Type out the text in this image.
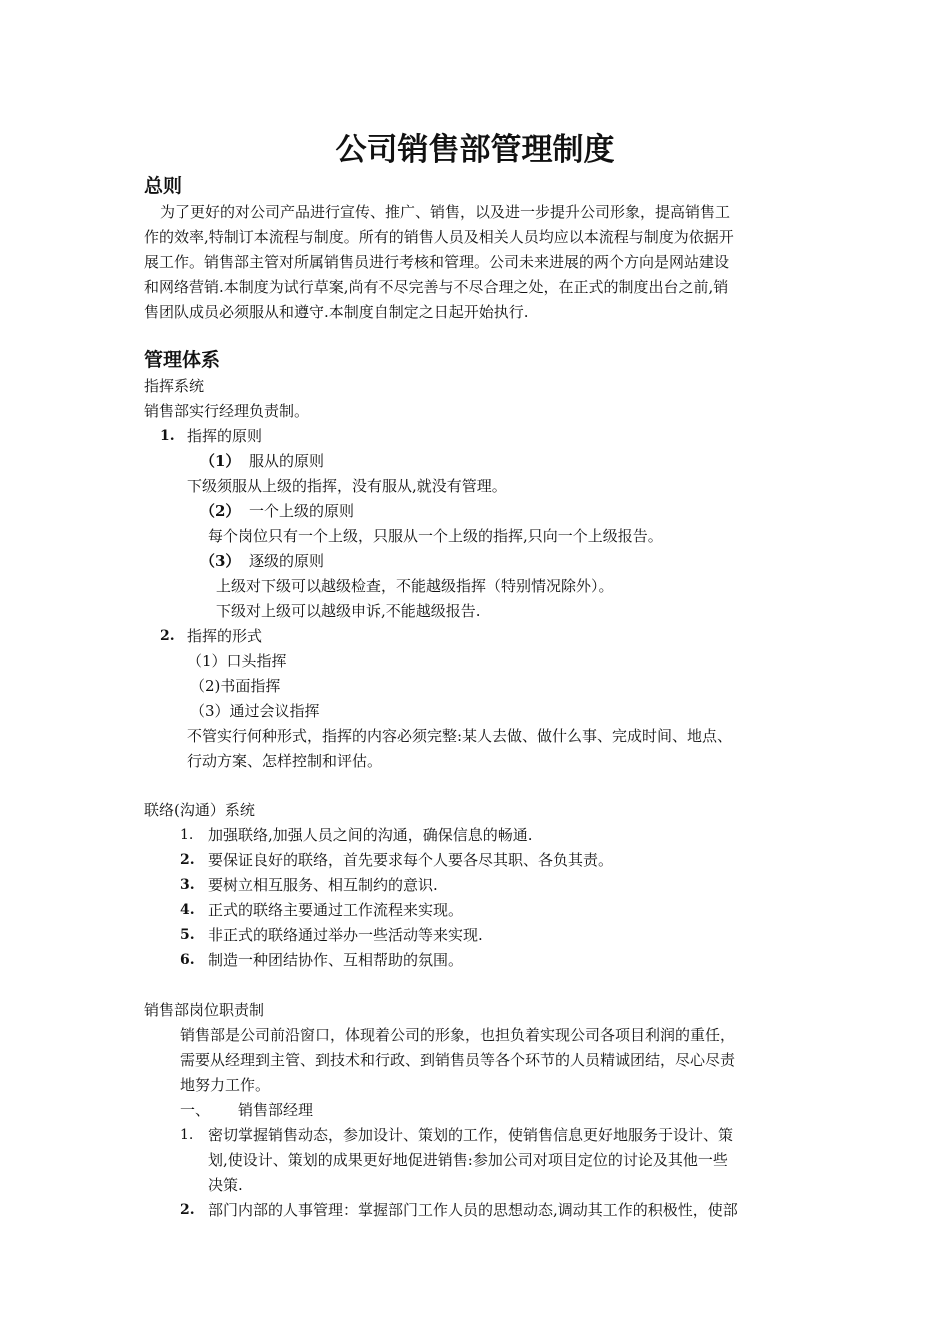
公司销售部管理制度
总则
为了更好的对公司产品进行宣传、推广、销售，以及进一步提升公司形象，提高销售工
作的效率,特制订本流程与制度。所有的销售人员及相关人员均应以本流程与制度为依据开
展工作。销售部主管对所属销售员进行考核和管理。公司未来进展的两个方向是网站建设
和网络营销.本制度为试行草案,尚有不尽完善与不尽合理之处，在正式的制度出台之前,销
售团队成员必须服从和遵守.本制度自制定之日起开始执行.
管理体系
指挥系统
销售部实行经理负责制。
1. 指挥的原则
（1） 服从的原则
下级须服从上级的指挥，没有服从,就没有管理。
（2） 一个上级的原则
每个岗位只有一个上级，只服从一个上级的指挥,只向一个上级报告。
（3） 逐级的原则
上级对下级可以越级检查，不能越级指挥（特别情况除外）。
下级对上级可以越级申诉,不能越级报告.
2. 指挥的形式
（1）口头指挥
（2)书面指挥
（3）通过会议指挥
不管实行何种形式，指挥的内容必须完整:某人去做、做什么事、完成时间、地点、
行动方案、怎样控制和评估。
联络(沟通）系统
1. 加强联络,加强人员之间的沟通，确保信息的畅通.
2. 要保证良好的联络，首先要求每个人要各尽其职、各负其责。
3. 要树立相互服务、相互制约的意识.
4. 正式的联络主要通过工作流程来实现。
5. 非正式的联络通过举办一些活动等来实现.
6. 制造一种团结协作、互相帮助的氛围。
销售部岗位职责制
销售部是公司前沿窗口，体现着公司的形象，也担负着实现公司各项目利润的重任，
需要从经理到主管、到技术和行政、到销售员等各个环节的人员精诚团结，尽心尽责
地努力工作。
一、 销售部经理
1. 密切掌握销售动态，参加设计、策划的工作，使销售信息更好地服务于设计、策
划,使设计、策划的成果更好地促进销售:参加公司对项目定位的讨论及其他一些
决策.
2. 部门内部的人事管理：掌握部门工作人员的思想动态,调动其工作的积极性，使部
